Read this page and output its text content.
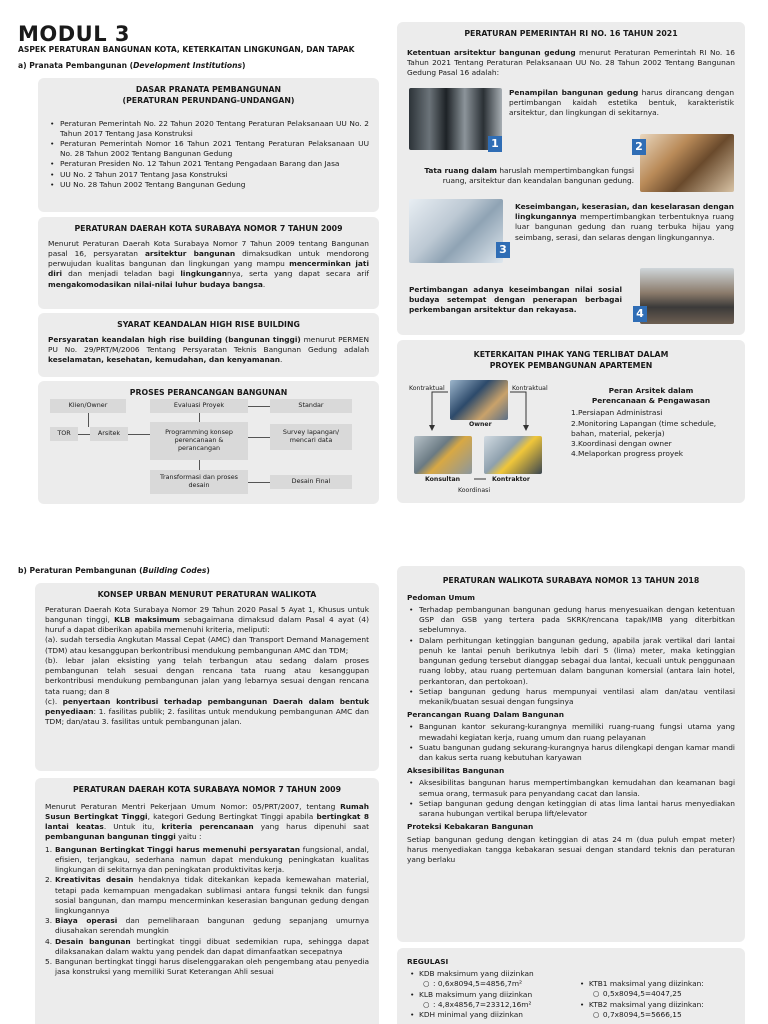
MODUL 3
ASPEK PERATURAN BANGUNAN KOTA, KETERKAITAN LINGKUNGAN, DAN TAPAK
a) Pranata Pembangunan (Development Institutions)
DASAR PRANATA PEMBANGUNAN
(PERATURAN PERUNDANG-UNDANGAN)
• Peraturan Pemerintah No. 22 Tahun 2020 Tentang Peraturan Pelaksanaan UU No. 2 Tahun 2017 Tentang Jasa Konstruksi
• Peraturan Pemerintah Nomor 16 Tahun 2021 Tentang Peraturan Pelaksanaan UU No. 28 Tahun 2002 Tentang Bangunan Gedung
• Peraturan Presiden No. 12 Tahun 2021 Tentang Pengadaan Barang dan Jasa
• UU No. 2 Tahun 2017 Tentang Jasa Konstruksi
• UU No. 28 Tahun 2002 Tentang Bangunan Gedung
PERATURAN DAERAH KOTA SURABAYA NOMOR 7 TAHUN 2009
Menurut Peraturan Daerah Kota Surabaya Nomor 7 Tahun 2009 tentang Bangunan pasal 16, persyaratan arsitektur bangunan dimaksudkan untuk mendorong perwujudan kualitas bangunan dan lingkungan yang mampu mencerminkan jati diri dan menjadi teladan bagi lingkungannya, serta yang dapat secara arif mengakomodasikan nilai-nilai luhur budaya bangsa.
SYARAT KEANDALAN HIGH RISE BUILDING
Persyaratan keandalan high rise building (bangunan tinggi) menurut PERMEN PU No. 29/PRT/M/2006 Tentang Persyaratan Teknis Bangunan Gedung adalah keselamatan, kesehatan, kemudahan, dan kenyamanan.
PROSES PERANCANGAN BANGUNAN
Klien/Owner	Evaluasi Proyek	Standar
TOR	Arsitek	Programming konsep perencanaan & perancangan
Survey lapangan/ mencari data
Transformasi dan proses desain	Desain Final
PERATURAN PEMERINTAH RI NO. 16 TAHUN 2021
Ketentuan arsitektur bangunan gedung menurut Peraturan Pemerintah RI No. 16 Tahun 2021 Tentang Peraturan Pelaksanaan UU No. 28 Tahun 2002 Tentang Bangunan Gedung Pasal 16 adalah:
1
Penampilan bangunan gedung harus dirancang dengan pertimbangan kaidah estetika bentuk, karakteristik arsitektur, dan lingkungan di sekitarnya.
2
Tata ruang dalam haruslah mempertimbangkan fungsi ruang, arsitektur dan keandalan bangunan gedung.
3
Keseimbangan, keserasian, dan keselarasan dengan lingkungannya mempertimbangkan terbentuknya ruang luar bangunan gedung dan ruang terbuka hijau yang seimbang, serasi, dan selaras dengan lingkungannya.
4
Pertimbangan adanya keseimbangan nilai sosial budaya setempat dengan penerapan berbagai perkembangan arsitektur dan rekayasa.
KETERKAITAN PIHAK YANG TERLIBAT DALAM
PROYEK PEMBANGUNAN APARTEMEN
Kontraktual	Kontraktual
Owner
Konsultan	Kontraktor
Koordinasi
Peran Arsitek dalam
Perencanaan & Pengawasan
1.Persiapan Administrasi
2.Monitoring Lapangan (time schedule, bahan, material, pekerja)
3.Koordinasi dengan owner
4.Melaporkan progress proyek
b) Peraturan Pembangunan (Building Codes)
KONSEP URBAN MENURUT PERATURAN WALIKOTA
Peraturan Daerah Kota Surabaya Nomor 29 Tahun 2020 Pasal 5 Ayat 1, Khusus untuk bangunan tinggi, KLB maksimum sebagaimana dimaksud dalam Pasal 4 ayat (4) huruf a dapat diberikan apabila memenuhi kriteria, meliputi:
(a). sudah tersedia Angkutan Massal Cepat (AMC) dan Transport Demand Management (TDM) atau kesanggupan berkontribusi mendukung pembangunan AMC dan TDM;
(b). lebar jalan eksisting yang telah terbangun atau sedang dalam proses pembangunan telah sesuai dengan rencana tata ruang atau kesanggupan berkontribusi mendukung pembangunan jalan yang lebarnya sesuai dengan rencana tata ruang; dan 8
(c). penyertaan kontribusi terhadap pembangunan Daerah dalam bentuk penyediaan: 1. fasilitas publik; 2. fasilitas untuk mendukung pembangunan AMC dan TDM; dan/atau 3. fasilitas untuk pembangunan jalan.
PERATURAN DAERAH KOTA SURABAYA NOMOR 7 TAHUN 2009
Menurut Peraturan Mentri Pekerjaan Umum Nomor: 05/PRT/2007, tentang Rumah Susun Bertingkat Tinggi, kategori Gedung Bertingkat Tinggi apabila bertingkat 8 lantai keatas. Untuk itu, kriteria perencanaan yang harus dipenuhi saat pembangunan bangunan tinggi yaitu :
1. Bangunan Bertingkat Tinggi harus memenuhi persyaratan fungsional, andal, efisien, terjangkau, sederhana namun dapat mendukung peningkatan kualitas lingkungan di sekitarnya dan peningkatan produktivitas kerja.
2. Kreativitas desain hendaknya tidak ditekankan kepada kemewahan material, tetapi pada kemampuan mengadakan sublimasi antara fungsi teknik dan fungsi sosial bangunan, dan mampu mencerminkan keserasian bangunan gedung dengan lingkungannya
3. Biaya operasi dan pemeliharaan bangunan gedung sepanjang umurnya diusahakan serendah mungkin
4. Desain bangunan bertingkat tinggi dibuat sedemikian rupa, sehingga dapat dilaksanakan dalam waktu yang pendek dan dapat dimanfaatkan secepatnya
5. Bangunan bertingkat tinggi harus diselenggarakan oleh pengembang atau penyedia jasa konstruksi yang memiliki Surat Keterangan Ahli sesuai
PERATURAN WALIKOTA SURABAYA NOMOR 13 TAHUN 2018
Pedoman Umum
• Terhadap pembangunan bangunan gedung harus menyesuaikan dengan ketentuan GSP dan GSB yang tertera pada SKRK/rencana tapak/IMB yang diterbitkan sebelumnya.
• Dalam perhitungan ketinggian bangunan gedung, apabila jarak vertikal dari lantai penuh ke lantai penuh berikutnya lebih dari 5 (lima) meter, maka ketinggian bangunan gedung tersebut dianggap sebagai dua lantai, kecuali untuk penggunaan ruang lobby, atau ruang pertemuan dalam bangunan komersial (antara lain hotel, perkantoran, dan pertokoan).
• Setiap bangunan gedung harus mempunyai ventilasi alam dan/atau ventilasi mekanik/buatan sesuai dengan fungsinya
Perancangan Ruang Dalam Bangunan
• Bangunan kantor sekurang-kurangnya memiliki ruang-ruang fungsi utama yang mewadahi kegiatan kerja, ruang umum dan ruang pelayanan
• Suatu bangunan gudang sekurang-kurangnya harus dilengkapi dengan kamar mandi dan kakus serta ruang kebutuhan karyawan
Aksesibilitas Bangunan
• Aksesibilitas bangunan harus mempertimbangkan kemudahan dan keamanan bagi semua orang, termasuk para penyandang cacat dan lansia.
• Setiap bangunan gedung dengan ketinggian di atas lima lantai harus menyediakan sarana hubungan vertikal berupa lift/elevator
Proteksi Kebakaran Bangunan
Setiap bangunan gedung dengan ketinggian di atas 24 m (dua puluh empat meter) harus menyediakan tangga kebakaran sesuai dengan standard teknis dan peraturan yang berlaku
REGULASI
• KDB maksimum yang diizinkan
○ : 0,6x8094,5=4856,7m²
• KLB maksimum yang diizinkan
○ : 4,8x4856,7=23312,16m²
• KDH minimal yang diizinkan
• KTB1 maksimal yang diizinkan:
○ 0,5x8094,5=4047,25
• KTB2 maksimal yang diizinkan:
○ 0,7x8094,5=5666,15
